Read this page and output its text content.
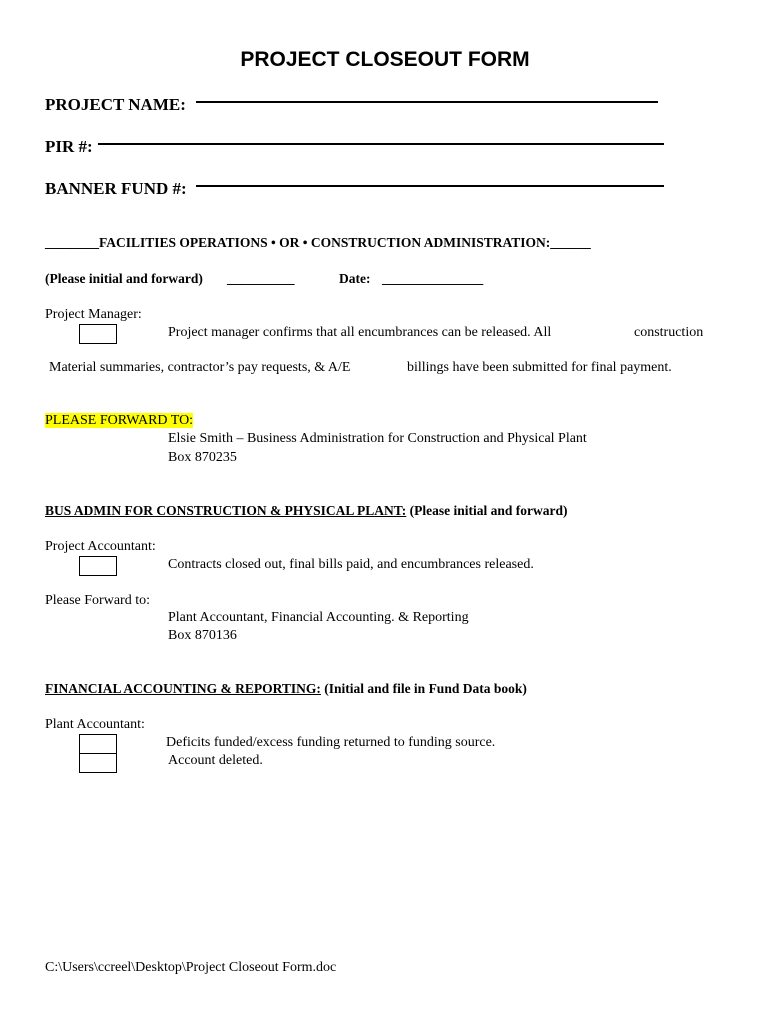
PROJECT CLOSEOUT FORM
PROJECT NAME:
PIR #:
BANNER FUND #:
________FACILITIES OPERATIONS • OR • CONSTRUCTION ADMINISTRATION:______
(Please initial and forward) __________	Date: _______________
Project Manager:
Project manager confirms that all encumbrances can be released. All	construction
Material summaries, contractor’s pay requests, & A/E	billings have been submitted for final payment.
PLEASE FORWARD TO:
Elsie Smith – Business Administration for Construction and Physical Plant
Box 870235
BUS ADMIN FOR CONSTRUCTION & PHYSICAL PLANT: (Please initial and forward)
Project Accountant:
Contracts closed out, final bills paid, and encumbrances released.
Please Forward to:
Plant Accountant, Financial Accounting. & Reporting
Box 870136
FINANCIAL ACCOUNTING & REPORTING: (Initial and file in Fund Data book)
Plant Accountant:
Deficits funded/excess funding returned to funding source.
Account deleted.
C:\Users\ccreel\Desktop\Project Closeout Form.doc
